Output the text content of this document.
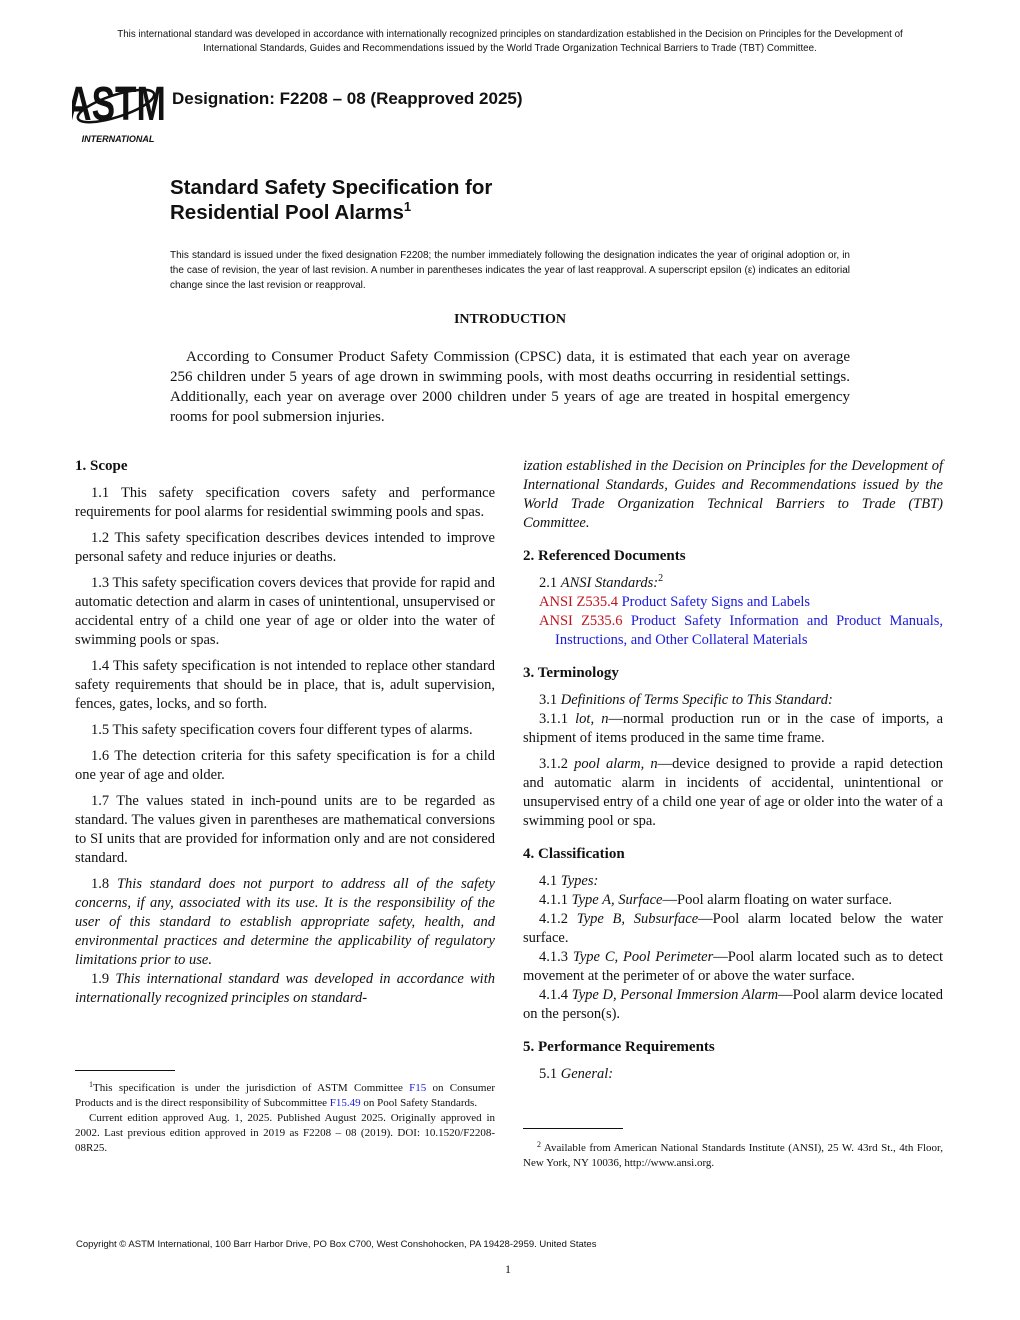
This international standard was developed in accordance with internationally recognized principles on standardization established in the Decision on Principles for the Development of International Standards, Guides and Recommendations issued by the World Trade Organization Technical Barriers to Trade (TBT) Committee.
ASTM
INTERNATIONAL
Designation: F2208 – 08 (Reapproved 2025)
Standard Safety Specification for
Residential Pool Alarms$^1$
This standard is issued under the fixed designation F2208; the number immediately following the designation indicates the year of original adoption or, in the case of revision, the year of last revision. A number in parentheses indicates the year of last reapproval. A superscript epsilon (ε) indicates an editorial change since the last revision or reapproval.
INTRODUCTION
According to Consumer Product Safety Commission (CPSC) data, it is estimated that each year on average 256 children under 5 years of age drown in swimming pools, with most deaths occurring in residential settings. Additionally, each year on average over 2000 children under 5 years of age are treated in hospital emergency rooms for pool submersion injuries.
1. Scope

1.1 This safety specification covers safety and performance requirements for pool alarms for residential swimming pools and spas.

1.2 This safety specification describes devices intended to improve personal safety and reduce injuries or deaths.

1.3 This safety specification covers devices that provide for rapid and automatic detection and alarm in cases of unintentional, unsupervised or accidental entry of a child one year of age or older into the water of swimming pools or spas.

1.4 This safety specification is not intended to replace other standard safety requirements that should be in place, that is, adult supervision, fences, gates, locks, and so forth.

1.5 This safety specification covers four different types of alarms.

1.6 The detection criteria for this safety specification is for a child one year of age and older.

1.7 The values stated in inch-pound units are to be regarded as standard. The values given in parentheses are mathematical conversions to SI units that are provided for information only and are not considered standard.

1.8 This standard does not purport to address all of the safety concerns, if any, associated with its use. It is the responsibility of the user of this standard to establish appropriate safety, health, and environmental practices and determine the applicability of regulatory limitations prior to use.

1.9 This international standard was developed in accordance with internationally recognized principles on standard-

$^1$This specification is under the jurisdiction of ASTM Committee F15 on Consumer Products and is the direct responsibility of Subcommittee F15.49 on Pool Safety Standards.

Current edition approved Aug. 1, 2025. Published August 2025. Originally approved in 2002. Last previous edition approved in 2019 as F2208 – 08 (2019). DOI: 10.1520/F2208-08R25.

ization established in the Decision on Principles for the Development of International Standards, Guides and Recommendations issued by the World Trade Organization Technical Barriers to Trade (TBT) Committee.

2. Referenced Documents

2.1 ANSI Standards:$^2$

ANSI Z535.4 Product Safety Signs and Labels

ANSI Z535.6 Product Safety Information and Product Manuals, Instructions, and Other Collateral Materials

3. Terminology

3.1 Definitions of Terms Specific to This Standard:

3.1.1 lot, n—normal production run or in the case of imports, a shipment of items produced in the same time frame.

3.1.2 pool alarm, n—device designed to provide a rapid detection and automatic alarm in incidents of accidental, unintentional or unsupervised entry of a child one year of age or older into the water of a swimming pool or spa.

4. Classification

4.1 Types:

4.1.1 Type A, Surface—Pool alarm floating on water surface.

4.1.2 Type B, Subsurface—Pool alarm located below the water surface.

4.1.3 Type C, Pool Perimeter—Pool alarm located such as to detect movement at the perimeter of or above the water surface.

4.1.4 Type D, Personal Immersion Alarm—Pool alarm device located on the person(s).

5. Performance Requirements

5.1 General:

$^2$ Available from American National Standards Institute (ANSI), 25 W. 43rd St., 4th Floor, New York, NY 10036, http://www.ansi.org.

Copyright © ASTM International, 100 Barr Harbor Drive, PO Box C700, West Conshohocken, PA 19428-2959. United States
1
